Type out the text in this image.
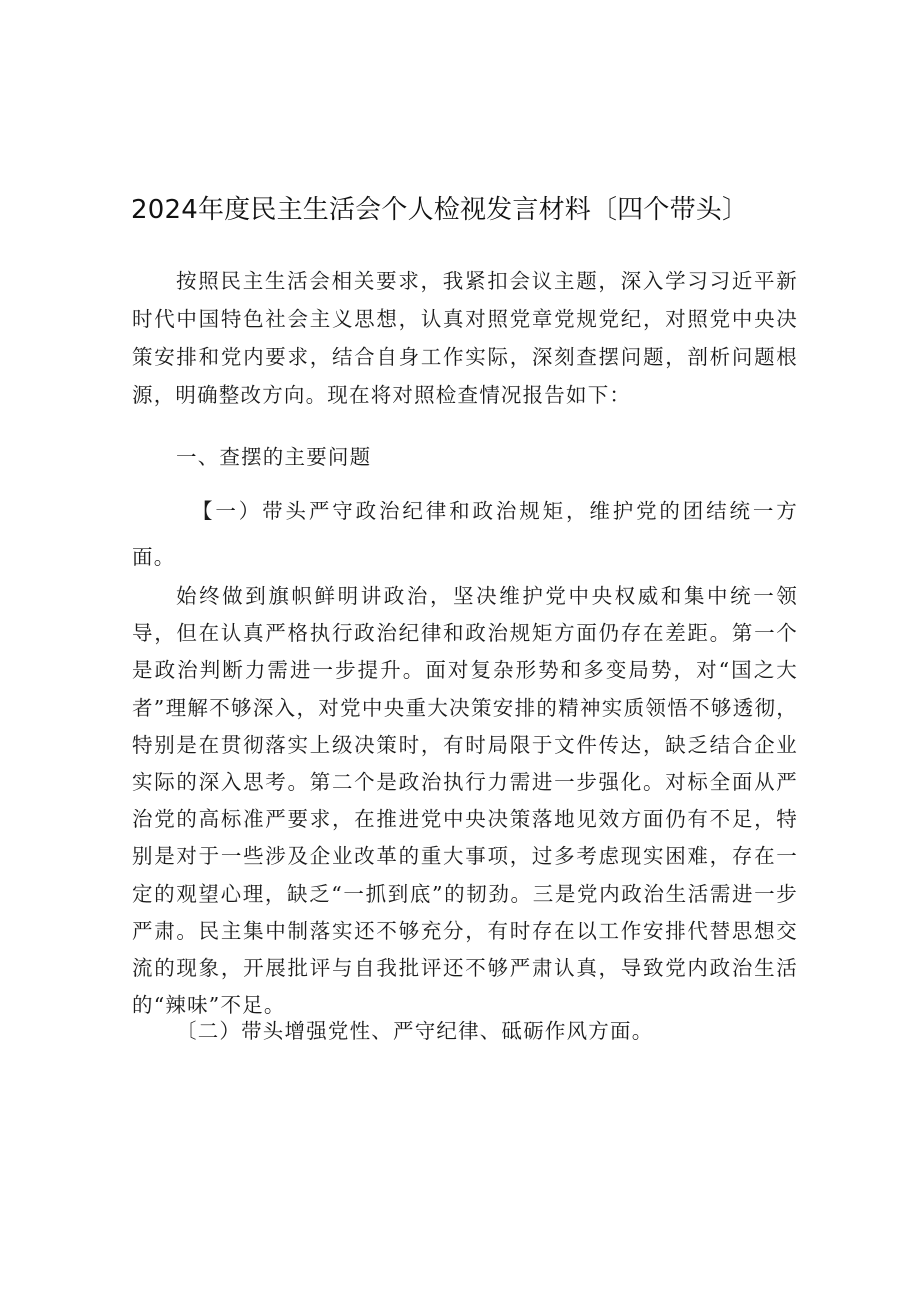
2024年度民主生活会个人检视发言材料〔四个带头〕

按照民主生活会相关要求，我紧扣会议主题，深入学习习近平新时代中国特色社会主义思想，认真对照党章党规党纪，对照党中央决策安排和党内要求，结合自身工作实际，深刻查摆问题，剖析问题根源，明确整改方向。现在将对照检查情况报告如下：

一、查摆的主要问题

【一）带头严守政治纪律和政治规矩，维护党的团结统一方面。

始终做到旗帜鲜明讲政治，坚决维护党中央权威和集中统一领导，但在认真严格执行政治纪律和政治规矩方面仍存在差距。第一个是政治判断力需进一步提升。面对复杂形势和多变局势，对“国之大者”理解不够深入，对党中央重大决策安排的精神实质领悟不够透彻，特别是在贯彻落实上级决策时，有时局限于文件传达，缺乏结合企业实际的深入思考。第二个是政治执行力需进一步强化。对标全面从严治党的高标准严要求，在推进党中央决策落地见效方面仍有不足，特别是对于一些涉及企业改革的重大事项，过多考虑现实困难，存在一定的观望心理，缺乏“一抓到底”的韧劲。三是党内政治生活需进一步严肃。民主集中制落实还不够充分，有时存在以工作安排代替思想交流的现象，开展批评与自我批评还不够严肃认真，导致党内政治生活的“辣味”不足。

〔二）带头增强党性、严守纪律、砥砺作风方面。
